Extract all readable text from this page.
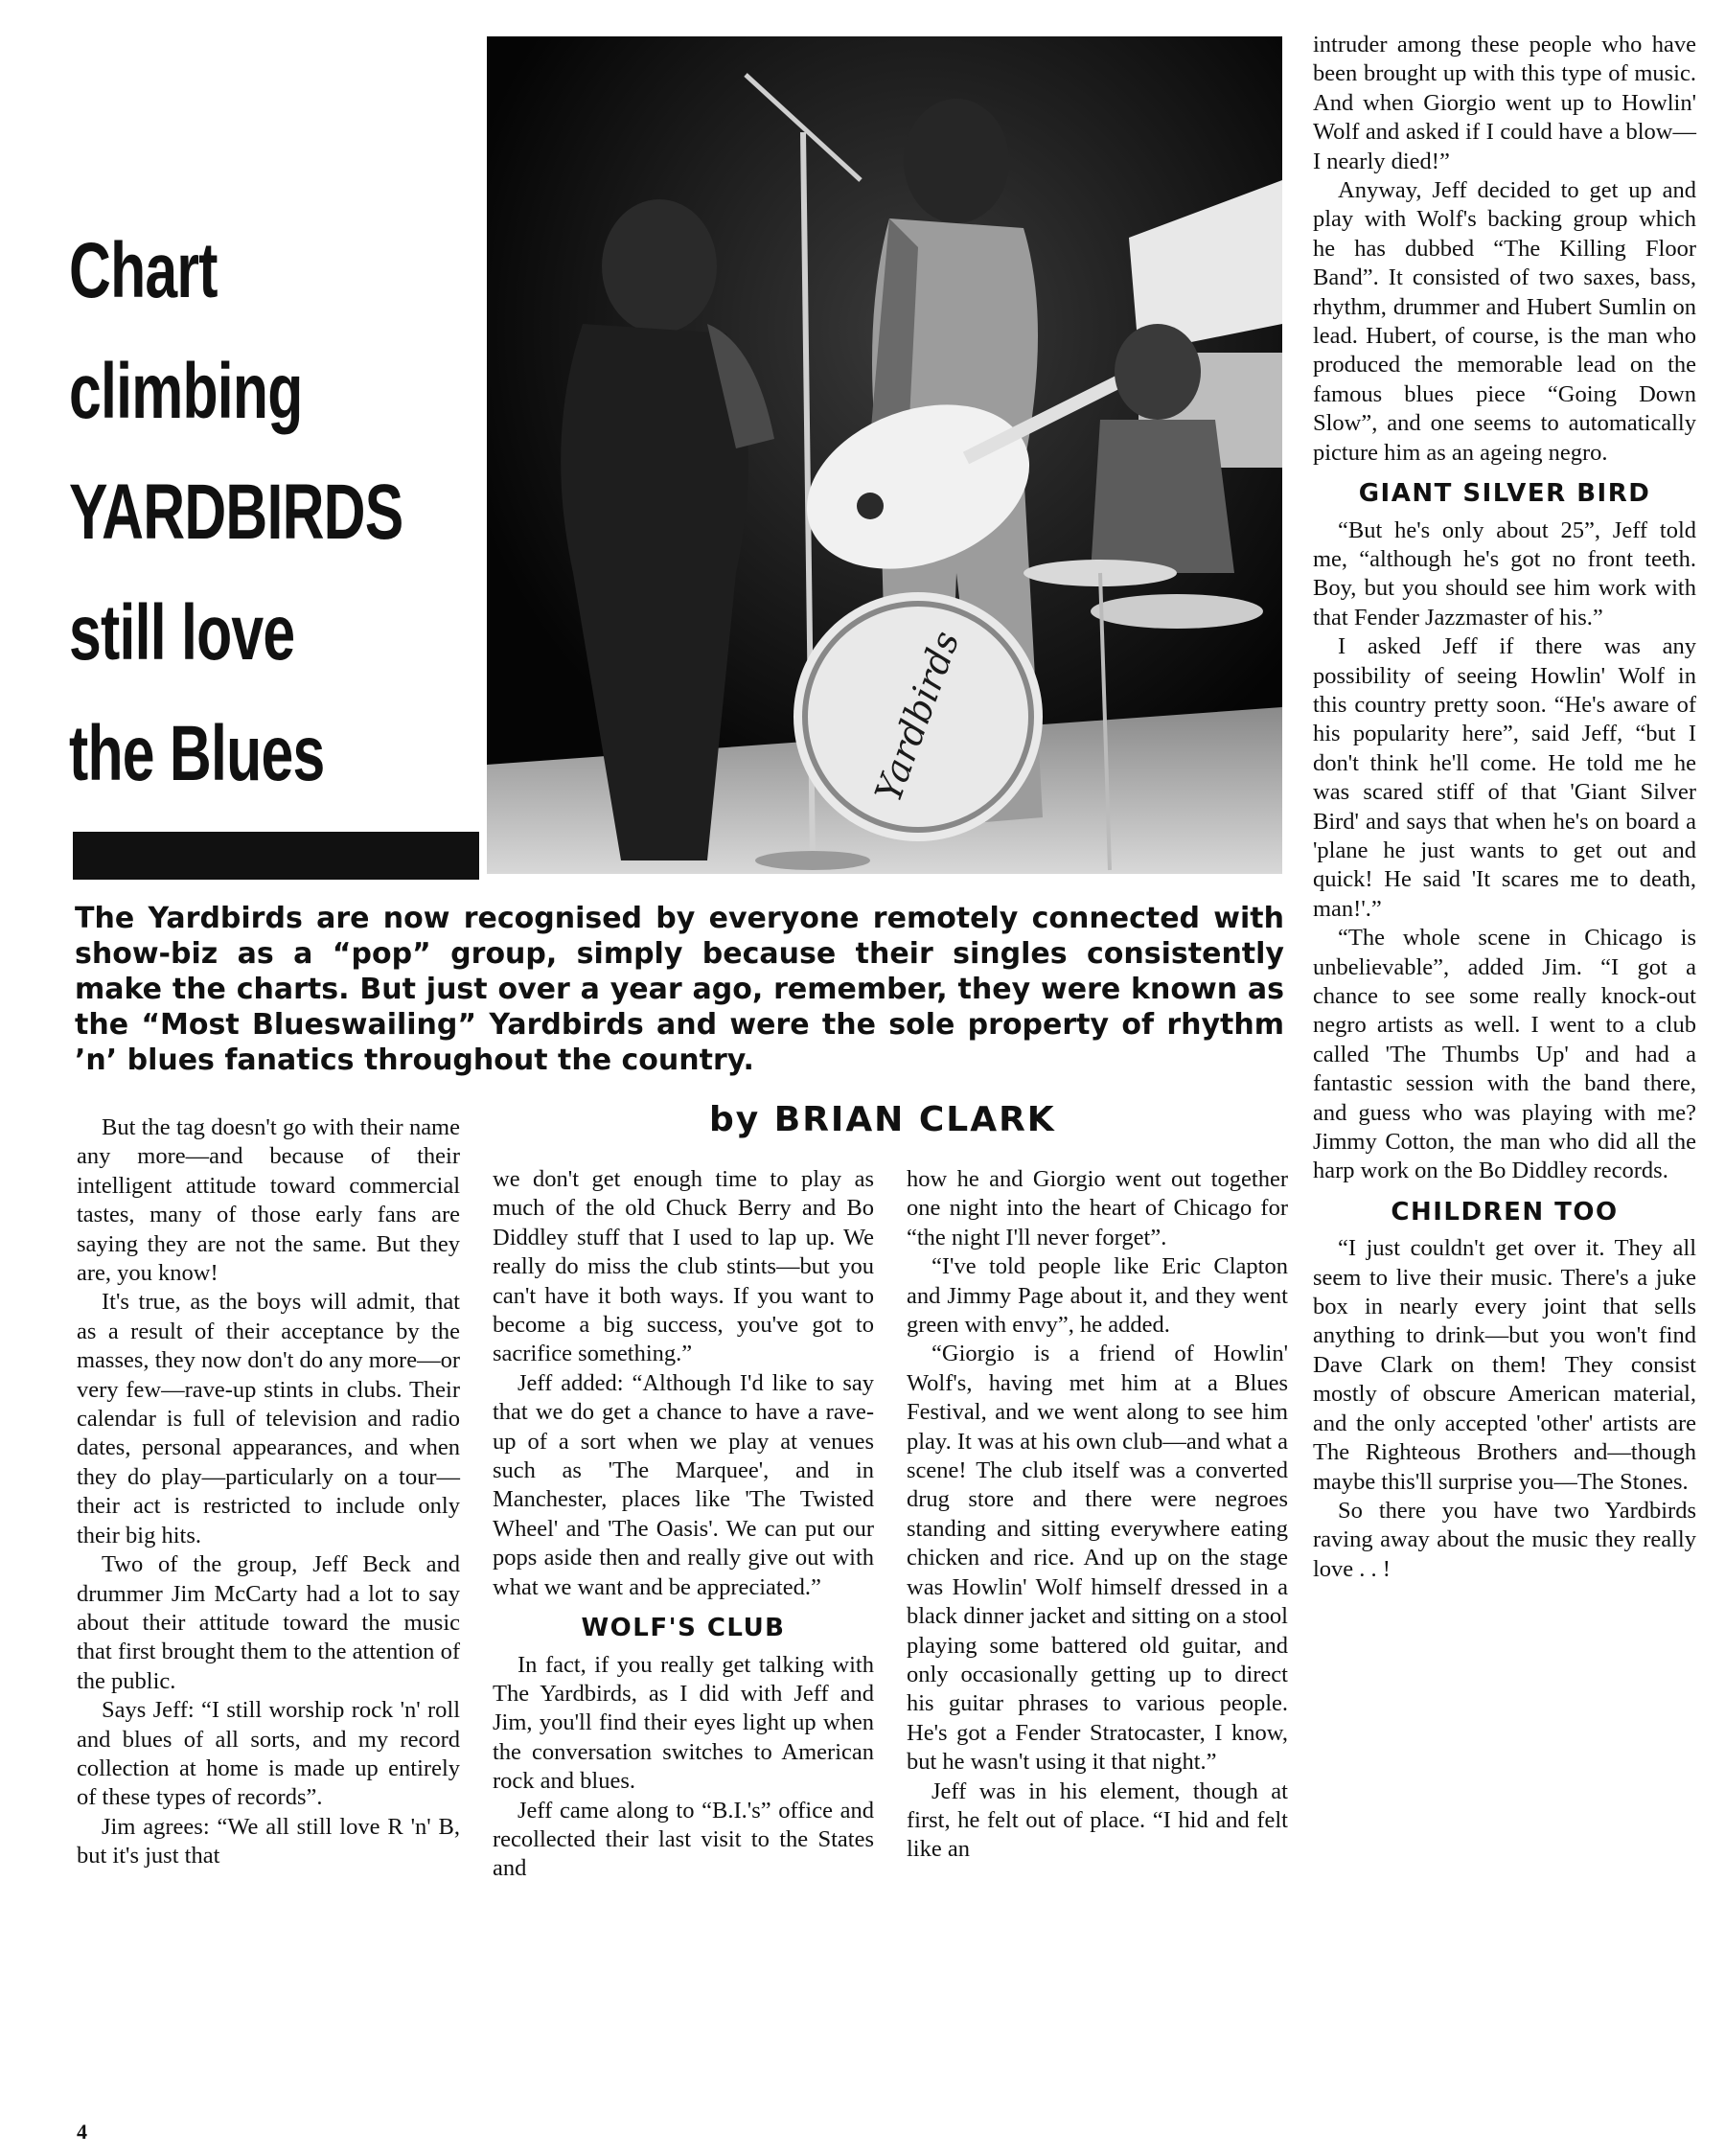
Chart
climbing
YARDBIRDS
still love
the Blues	Yardbirds
The Yardbirds are now recognised by everyone remotely connected with show-biz as a “pop” group, simply because their singles consistently make the charts. But just over a year ago, remember, they were known as the “Most Blueswailing” Yardbirds and were the sole property of rhythm ’n’ blues fanatics throughout the country.
by BRIAN CLARK

But the tag doesn't go with their name any more—and because of their intelligent attitude toward commercial tastes, many of those early fans are saying they are not the same. But they are, you know!

It's true, as the boys will admit, that as a result of their acceptance by the masses, they now don't do any more—or very few—rave-up stints in clubs. Their calendar is full of television and radio dates, personal appearances, and when they do play—particularly on a tour—their act is restricted to include only their big hits.

Two of the group, Jeff Beck and drummer Jim McCarty had a lot to say about their attitude toward the music that first brought them to the attention of the public.

Says Jeff: “I still worship rock 'n' roll and blues of all sorts, and my record collection at home is made up entirely of these types of records”.

Jim agrees: “We all still love R 'n' B, but it's just that

we don't get enough time to play as much of the old Chuck Berry and Bo Diddley stuff that I used to lap up. We really do miss the club stints—but you can't have it both ways. If you want to become a big success, you've got to sacrifice something.”

Jeff added: “Although I'd like to say that we do get a chance to have a rave-up of a sort when we play at venues such as 'The Marquee', and in Manchester, places like 'The Twisted Wheel' and 'The Oasis'. We can put our pops aside then and really give out with what we want and be appreciated.”

WOLF'S CLUB

In fact, if you really get talking with The Yardbirds, as I did with Jeff and Jim, you'll find their eyes light up when the conversation switches to American rock and blues.

Jeff came along to “B.I.'s” office and recollected their last visit to the States and

how he and Giorgio went out together one night into the heart of Chicago for “the night I'll never forget”.

“I've told people like Eric Clapton and Jimmy Page about it, and they went green with envy”, he added.

“Giorgio is a friend of Howlin' Wolf's, having met him at a Blues Festival, and we went along to see him play. It was at his own club—and what a scene! The club itself was a converted drug store and there were negroes standing and sitting everywhere eating chicken and rice. And up on the stage was Howlin' Wolf himself dressed in a black dinner jacket and sitting on a stool playing some battered old guitar, and only occasionally getting up to direct his guitar phrases to various people. He's got a Fender Stratocaster, I know, but he wasn't using it that night.”

Jeff was in his element, though at first, he felt out of place. “I hid and felt like an

intruder among these people who have been brought up with this type of music. And when Giorgio went up to Howlin' Wolf and asked if I could have a blow—I nearly died!”

Anyway, Jeff decided to get up and play with Wolf's backing group which he has dubbed “The Killing Floor Band”. It consisted of two saxes, bass, rhythm, drummer and Hubert Sumlin on lead. Hubert, of course, is the man who produced the memorable lead on the famous blues piece “Going Down Slow”, and one seems to automatically picture him as an ageing negro.

GIANT SILVER BIRD

“But he's only about 25”, Jeff told me, “although he's got no front teeth. Boy, but you should see him work with that Fender Jazzmaster of his.”

I asked Jeff if there was any possibility of seeing Howlin' Wolf in this country pretty soon. “He's aware of his popularity here”, said Jeff, “but I don't think he'll come. He told me he was scared stiff of that 'Giant Silver Bird' and says that when he's on board a 'plane he just wants to get out and quick! He said 'It scares me to death, man!'.”

“The whole scene in Chicago is unbelievable”, added Jim. “I got a chance to see some really knock-out negro artists as well. I went to a club called 'The Thumbs Up' and had a fantastic session with the band there, and guess who was playing with me? Jimmy Cotton, the man who did all the harp work on the Bo Diddley records.

CHILDREN TOO

“I just couldn't get over it. They all seem to live their music. There's a juke box in nearly every joint that sells anything to drink—but you won't find Dave Clark on them! They consist mostly of obscure American material, and the only accepted 'other' artists are The Righteous Brothers and—though maybe this'll surprise you—The Stones.

So there you have two Yardbirds raving away about the music they really love . . !

4
